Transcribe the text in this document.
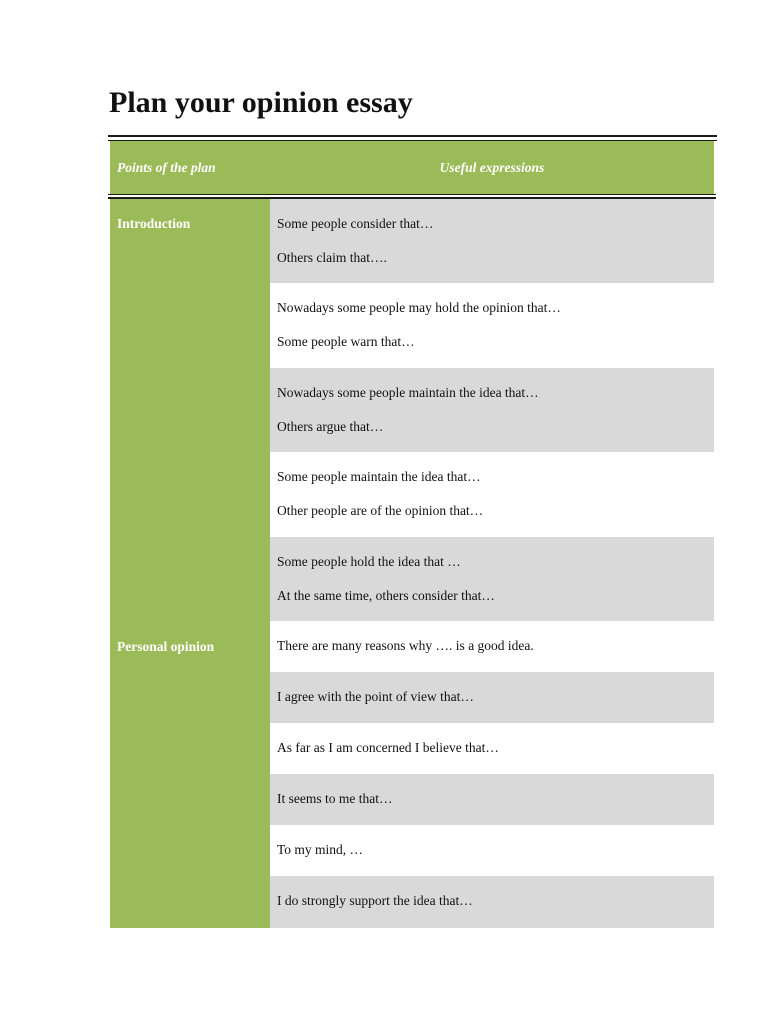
Plan your opinion essay
Points of the plan	Useful expressions
Introduction
Personal opinion
Some people consider that…
Others claim that….
Nowadays some people may hold the opinion that…
Some people warn that…
Nowadays some people maintain the idea that…
Others argue that…
Some people maintain the idea that…
Other people are of the opinion that…
Some people hold the idea that …
At the same time, others consider that…
There are many reasons why …. is a good idea.
I agree with the point of view that…
As far as I am concerned I believe that…
It seems to me that…
To my mind, …
I do strongly support the idea that…
